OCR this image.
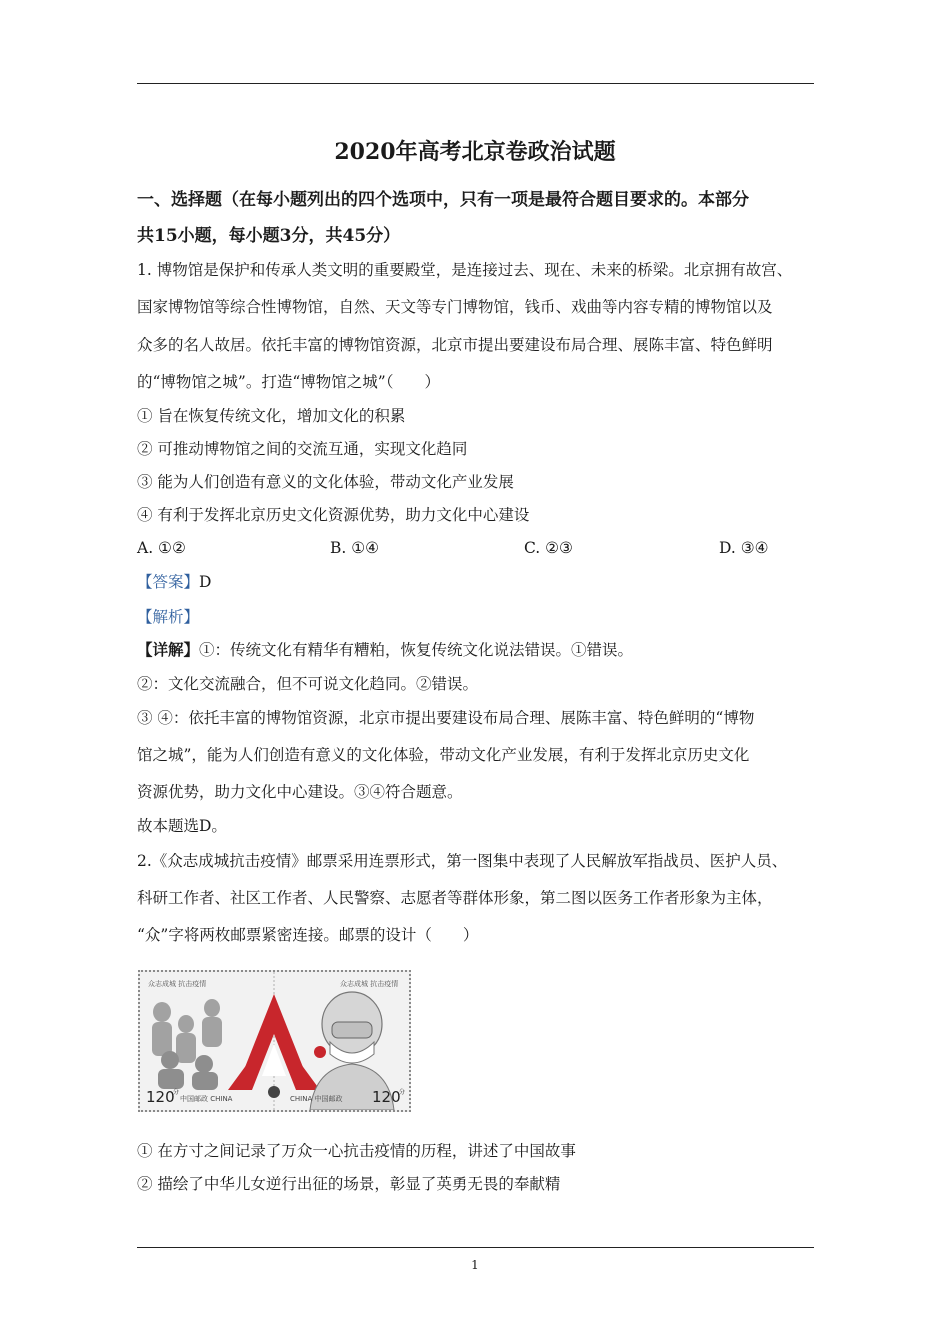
2020年高考北京卷政治试题
一、选择题（在每小题列出的四个选项中，只有一项是最符合题目要求的。本部分
共15小题，每小题3分，共45分）
1. 博物馆是保护和传承人类文明的重要殿堂，是连接过去、现在、未来的桥梁。北京拥有故宫、
国家博物馆等综合性博物馆，自然、天文等专门博物馆，钱币、戏曲等内容专精的博物馆以及
众多的名人故居。依托丰富的博物馆资源，北京市提出要建设布局合理、展陈丰富、特色鲜明
的“博物馆之城”。打造“博物馆之城”（　　）
① 旨在恢复传统文化，增加文化的积累
② 可推动博物馆之间的交流互通，实现文化趋同
③ 能为人们创造有意义的文化体验，带动文化产业发展
④ 有利于发挥北京历史文化资源优势，助力文化中心建设
A. ①②	B. ①④	C. ②③	D. ③④
【答案】D
【解析】
【详解】①：传统文化有精华有糟粕，恢复传统文化说法错误。①错误。
②：文化交流融合，但不可说文化趋同。②错误。
③ ④：依托丰富的博物馆资源，北京市提出要建设布局合理、展陈丰富、特色鲜明的“博物
馆之城”，能为人们创造有意义的文化体验，带动文化产业发展，有利于发挥北京历史文化
资源优势，助力文化中心建设。③④符合题意。
故本题选D。
2.《众志成城抗击疫情》邮票采用连票形式，第一图集中表现了人民解放军指战员、医护人员、
科研工作者、社区工作者、人民警察、志愿者等群体形象，第二图以医务工作者形象为主体，
“众”字将两枚邮票紧密连接。邮票的设计（　　）
众志成城 抗击疫情	众志成城 抗击疫情
120
分
中国邮政 CHINA	CHINA 中国邮政 120
分
① 在方寸之间记录了万众一心抗击疫情的历程，讲述了中国故事
② 描绘了中华儿女逆行出征的场景，彰显了英勇无畏的奉献精
1
